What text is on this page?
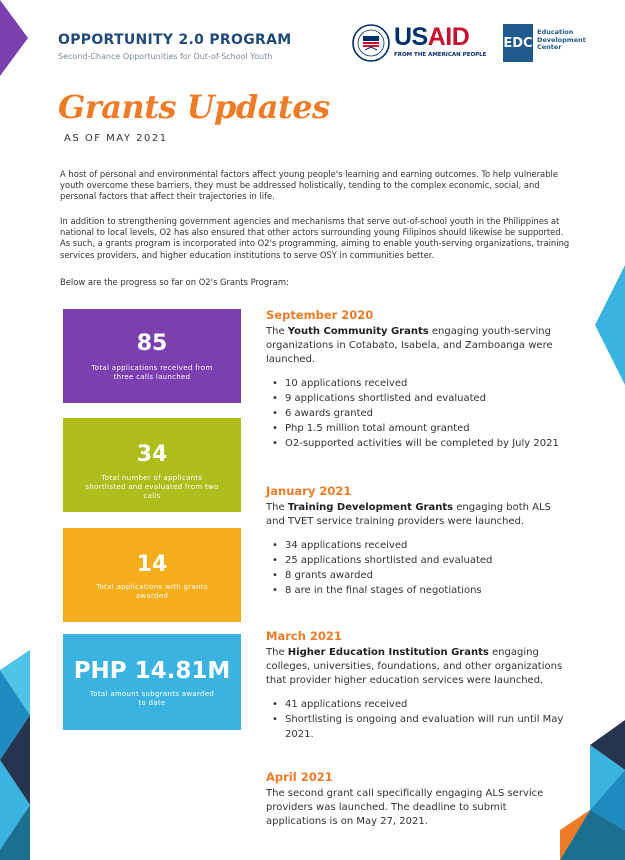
OPPORTUNITY 2.0 PROGRAM
Second-Chance Opportunities for Out-of-School Youth
USAID
FROM THE AMERICAN PEOPLE
EDC
Education Development Center
Grants Updates
AS OF MAY 2021

A host of personal and environmental factors affect young people's learning and earning outcomes. To help vulnerable youth overcome these barriers, they must be addressed holistically, tending to the complex economic, social, and personal factors that affect their trajectories in life.

In addition to strengthening government agencies and mechanisms that serve out-of-school youth in the Philippines at national to local levels, O2 has also ensured that other actors surrounding young Filipinos should likewise be supported. As such, a grants program is incorporated into O2's programming, aiming to enable youth-serving organizations, training services providers, and higher education institutions to serve OSY in communities better.

Below are the progress so far on O2's Grants Program:

85
Total applications received from three calls launched
34
Total number of applicants shortlisted and evaluated from two calls
14
Total applications with grants awarded
PHP 14.81M
Total amount subgrants awarded to date
September 2020

The Youth Community Grants engaging youth-serving organizations in Cotabato, Isabela, and Zamboanga were launched.

• 10 applications received
• 9 applications shortlisted and evaluated
• 6 awards granted
• Php 1.5 million total amount granted
• O2-supported activities will be completed by July 2021
January 2021

The Training Development Grants engaging both ALS and TVET service training providers were launched.

• 34 applications received
• 25 applications shortlisted and evaluated
• 8 grants awarded
• 8 are in the final stages of negotiations
March 2021

The Higher Education Institution Grants engaging colleges, universities, foundations, and other organizations that provider higher education services were launched.

• 41 applications received
• Shortlisting is ongoing and evaluation will run until May 2021.
April 2021

The second grant call specifically engaging ALS service providers was launched. The deadline to submit applications is on May 27, 2021.
